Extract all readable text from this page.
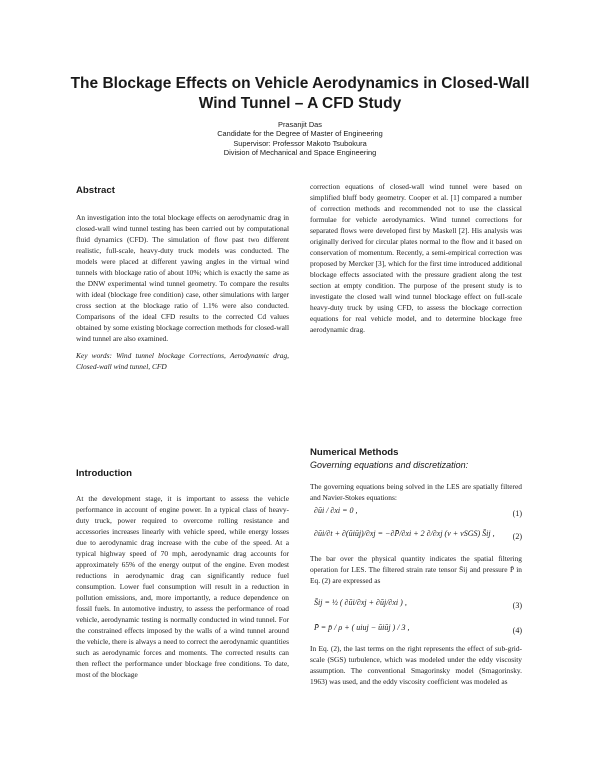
The Blockage Effects on Vehicle Aerodynamics in Closed-Wall
Wind Tunnel – A CFD Study
Prasanjit Das
Candidate for the Degree of Master of Engineering
Supervisor: Professor Makoto Tsubokura
Division of Mechanical and Space Engineering
Abstract

An investigation into the total blockage effects on aerodynamic drag in closed-wall wind tunnel testing has been carried out by computational fluid dynamics (CFD). The simulation of flow past two different realistic, full-scale, heavy-duty truck models was conducted. The models were placed at different yawing angles in the virtual wind tunnels with blockage ratio of about 10%; which is exactly the same as the DNW experimental wind tunnel geometry. To compare the results with ideal (blockage free condition) case, other simulations with larger cross section at the blockage ratio of 1.1% were also conducted. Comparisons of the ideal CFD results to the corrected Cd values obtained by some existing blockage correction methods for closed-wall wind tunnel are also examined.

Key words: Wind tunnel blockage Corrections, Aerodynamic drag, Closed-wall wind tunnel, CFD

Introduction

At the development stage, it is important to assess the vehicle performance in account of engine power. In a typical class of heavy-duty truck, power required to overcome rolling resistance and accessories increases linearly with vehicle speed, while energy losses due to aerodynamic drag increase with the cube of the speed. At a typical highway speed of 70 mph, aerodynamic drag accounts for approximately 65% of the energy output of the engine. Even modest reductions in aerodynamic drag can significantly reduce fuel consumption. Lower fuel consumption will result in a reduction in pollution emissions, and, more importantly, a reduce dependence on fossil fuels. In automotive industry, to assess the performance of road vehicle, aerodynamic testing is normally conducted in wind tunnel. For the constrained effects imposed by the walls of a wind tunnel around the vehicle, there is always a need to correct the aerodynamic quantities such as aerodynamic forces and moments. The corrected results can then reflect the performance under blockage free conditions. To date, most of the blockage

correction equations of closed-wall wind tunnel were based on simplified bluff body geometry. Cooper et al. [1] compared a number of correction methods and recommended not to use the classical formulae for vehicle aerodynamics. Wind tunnel corrections for separated flows were developed first by Maskell [2]. His analysis was originally derived for circular plates normal to the flow and it based on conservation of momentum. Recently, a semi-empirical correction was proposed by Mercker [3], which for the first time introduced additional blockage effects associated with the pressure gradient along the test section at empty condition. The purpose of the present study is to investigate the closed wall wind tunnel blockage effect on full-scale heavy-duty truck by using CFD, to assess the blockage correction equations for real vehicle model, and to determine blockage free aerodynamic drag.

Numerical Methods
Governing equations and discretization:

The governing equations being solved in the LES are spatially filtered and Navier-Stokes equations:

∂ūi / ∂xi = 0 ,	(1)
∂ūi/∂t + ∂(ūiūj)/∂xj = −∂P̄/∂xi + 2 ∂/∂xj (ν + νSGS) S̄ij , (2)

The bar over the physical quantity indicates the spatial filtering operation for LES. The filtered strain rate tensor S̄ij and pressure P̄ in Eq. (2) are expressed as

S̄ij = ½ ( ∂ūi/∂xj + ∂ūj/∂xi ) ,	(3)
P̄ = p̄ / ρ + ( uiuj − ūiūj ) / 3 ,	(4)

In Eq. (2), the last terms on the right represents the effect of sub-grid-scale (SGS) turbulence, which was modeled under the eddy viscosity assumption. The conventional Smagorinsky model (Smagorinsky. 1963) was used, and the eddy viscosity coefficient was modeled as
